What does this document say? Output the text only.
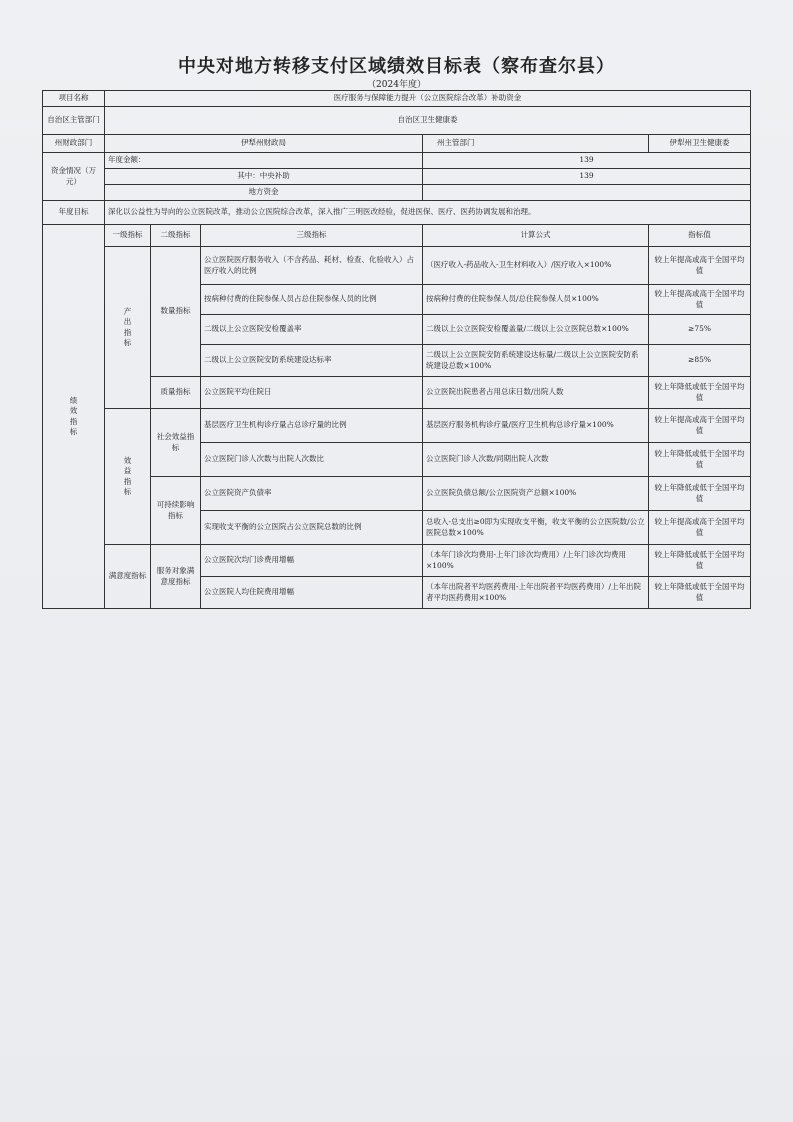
中央对地方转移支付区域绩效目标表（察布查尔县）
（2024年度）
项目名称	医疗服务与保障能力提升（公立医院综合改革）补助资金				
自治区主管部门	自治区卫生健康委				
州财政部门	伊犁州财政局			州主管部门	伊犁州卫生健康委
资金情况（万元）	年度金额：			139	
	其中：中央补助			139	
	地方资金				
年度目标	深化以公益性为导向的公立医院改革，推动公立医院综合改革，深入推广三明医改经验，促进医保、医疗、医药协调发展和治理。				

绩效指标	一级指标	二级指标	三级指标	计算公式	指标值

	产出指标	数量指标	公立医院医疗服务收入（不含药品、耗材、检查、化验收入）占医疗收入的比例	（医疗收入-药品收入-卫生材料收入）/医疗收入×100%	较上年提高或高于全国平均值
			按病种付费的住院参保人员占总住院参保人员的比例	按病种付费的住院参保人员/总住院参保人员×100%	较上年提高或高于全国平均值
			二级以上公立医院安检覆盖率	二级以上公立医院安检覆盖量/二级以上公立医院总数×100%	≥75%
			二级以上公立医院安防系统建设达标率	二级以上公立医院安防系统建设达标量/二级以上公立医院安防系统建设总数×100%	≥85%
		质量指标	公立医院平均住院日	公立医院出院患者占用总床日数/出院人数	较上年降低或低于全国平均值

	效益指标	社会效益指标	基层医疗卫生机构诊疗量占总诊疗量的比例	基层医疗服务机构诊疗量/医疗卫生机构总诊疗量×100%	较上年提高或高于全国平均值
			公立医院门诊人次数与出院人次数比	公立医院门诊人次数/同期出院人次数	较上年降低或低于全国平均值
		可持续影响指标	公立医院资产负债率	公立医院负债总额/公立医院资产总额×100%	较上年降低或低于全国平均值
			实现收支平衡的公立医院占公立医院总数的比例	总收入-总支出≥0即为实现收支平衡，收支平衡的公立医院数/公立医院总数×100%	较上年提高或高于全国平均值
	满意度指标	服务对象满意度指标	公立医院次均门诊费用增幅	（本年门诊次均费用-上年门诊次均费用）/上年门诊次均费用×100%	较上年降低或低于全国平均值
			公立医院人均住院费用增幅	（本年出院者平均医药费用-上年出院者平均医药费用）/上年出院者平均医药费用×100%	较上年降低或低于全国平均值
